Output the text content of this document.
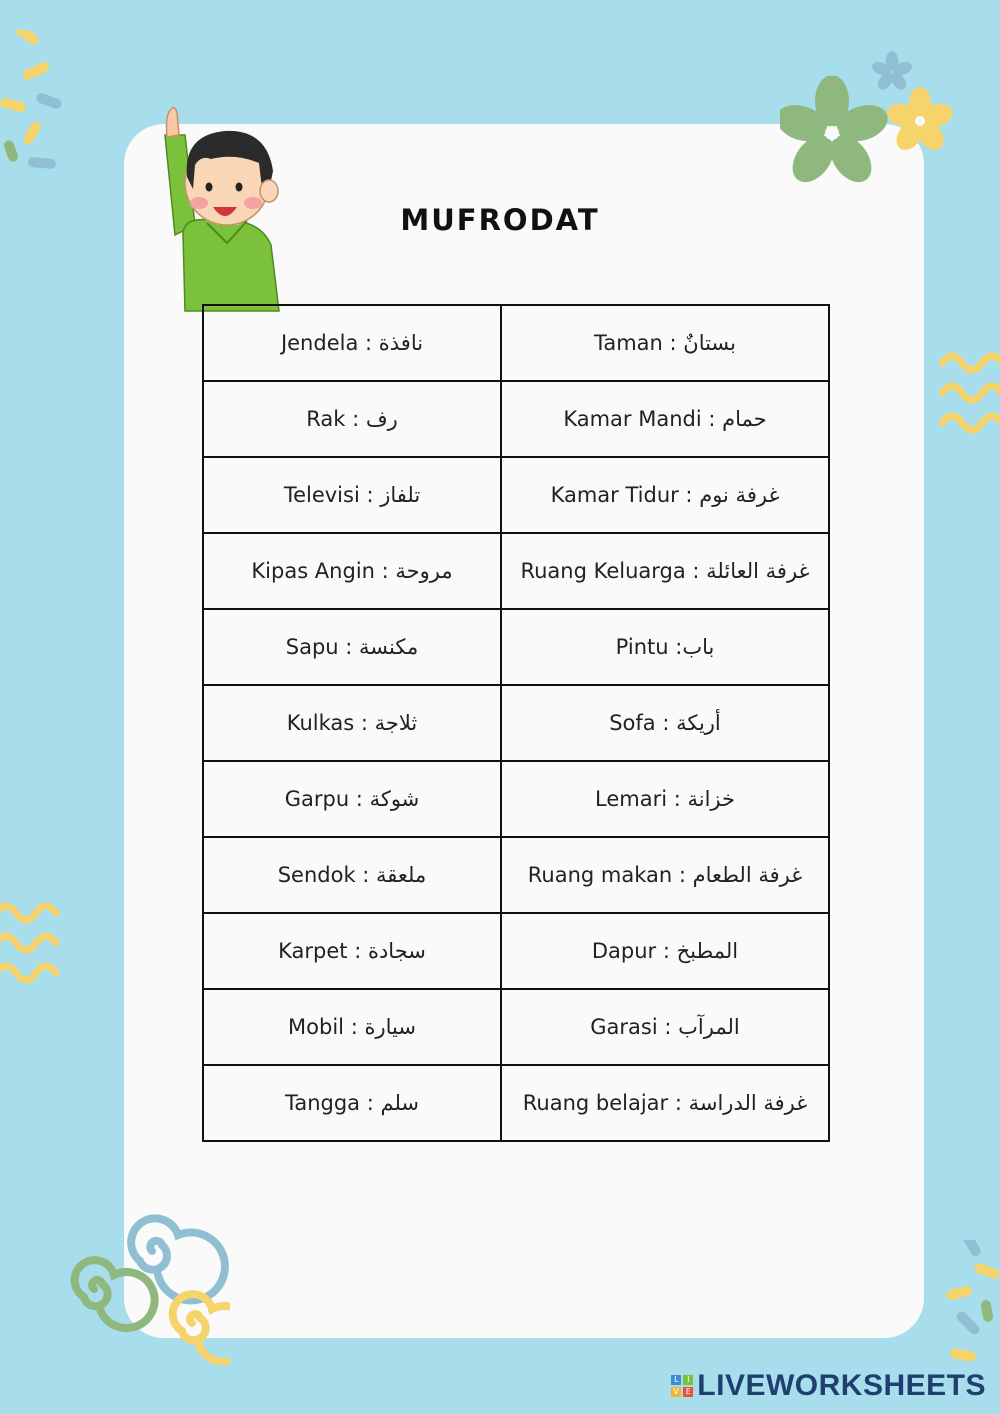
MUFRODAT
Jendela : نافذة	Taman : بستانٌ
Rak : رف	Kamar Mandi : حمام
Televisi : تلفاز	Kamar Tidur : غرفة نوم
Kipas Angin : مروحة	Ruang Keluarga : غرفة العائلة
Sapu : مكنسة	Pintu :باب
Kulkas : ثلاجة	Sofa : أريكة
Garpu : شوكة	Lemari : خزانة
Sendok : ملعقة	Ruang makan : غرفة الطعام
Karpet : سجادة	Dapur : المطبخ
Mobil : سيارة	Garasi : المرآب
Tangga : سلم	Ruang belajar : غرفة الدراسة
L	I
V E LIVEWORKSHEETS
